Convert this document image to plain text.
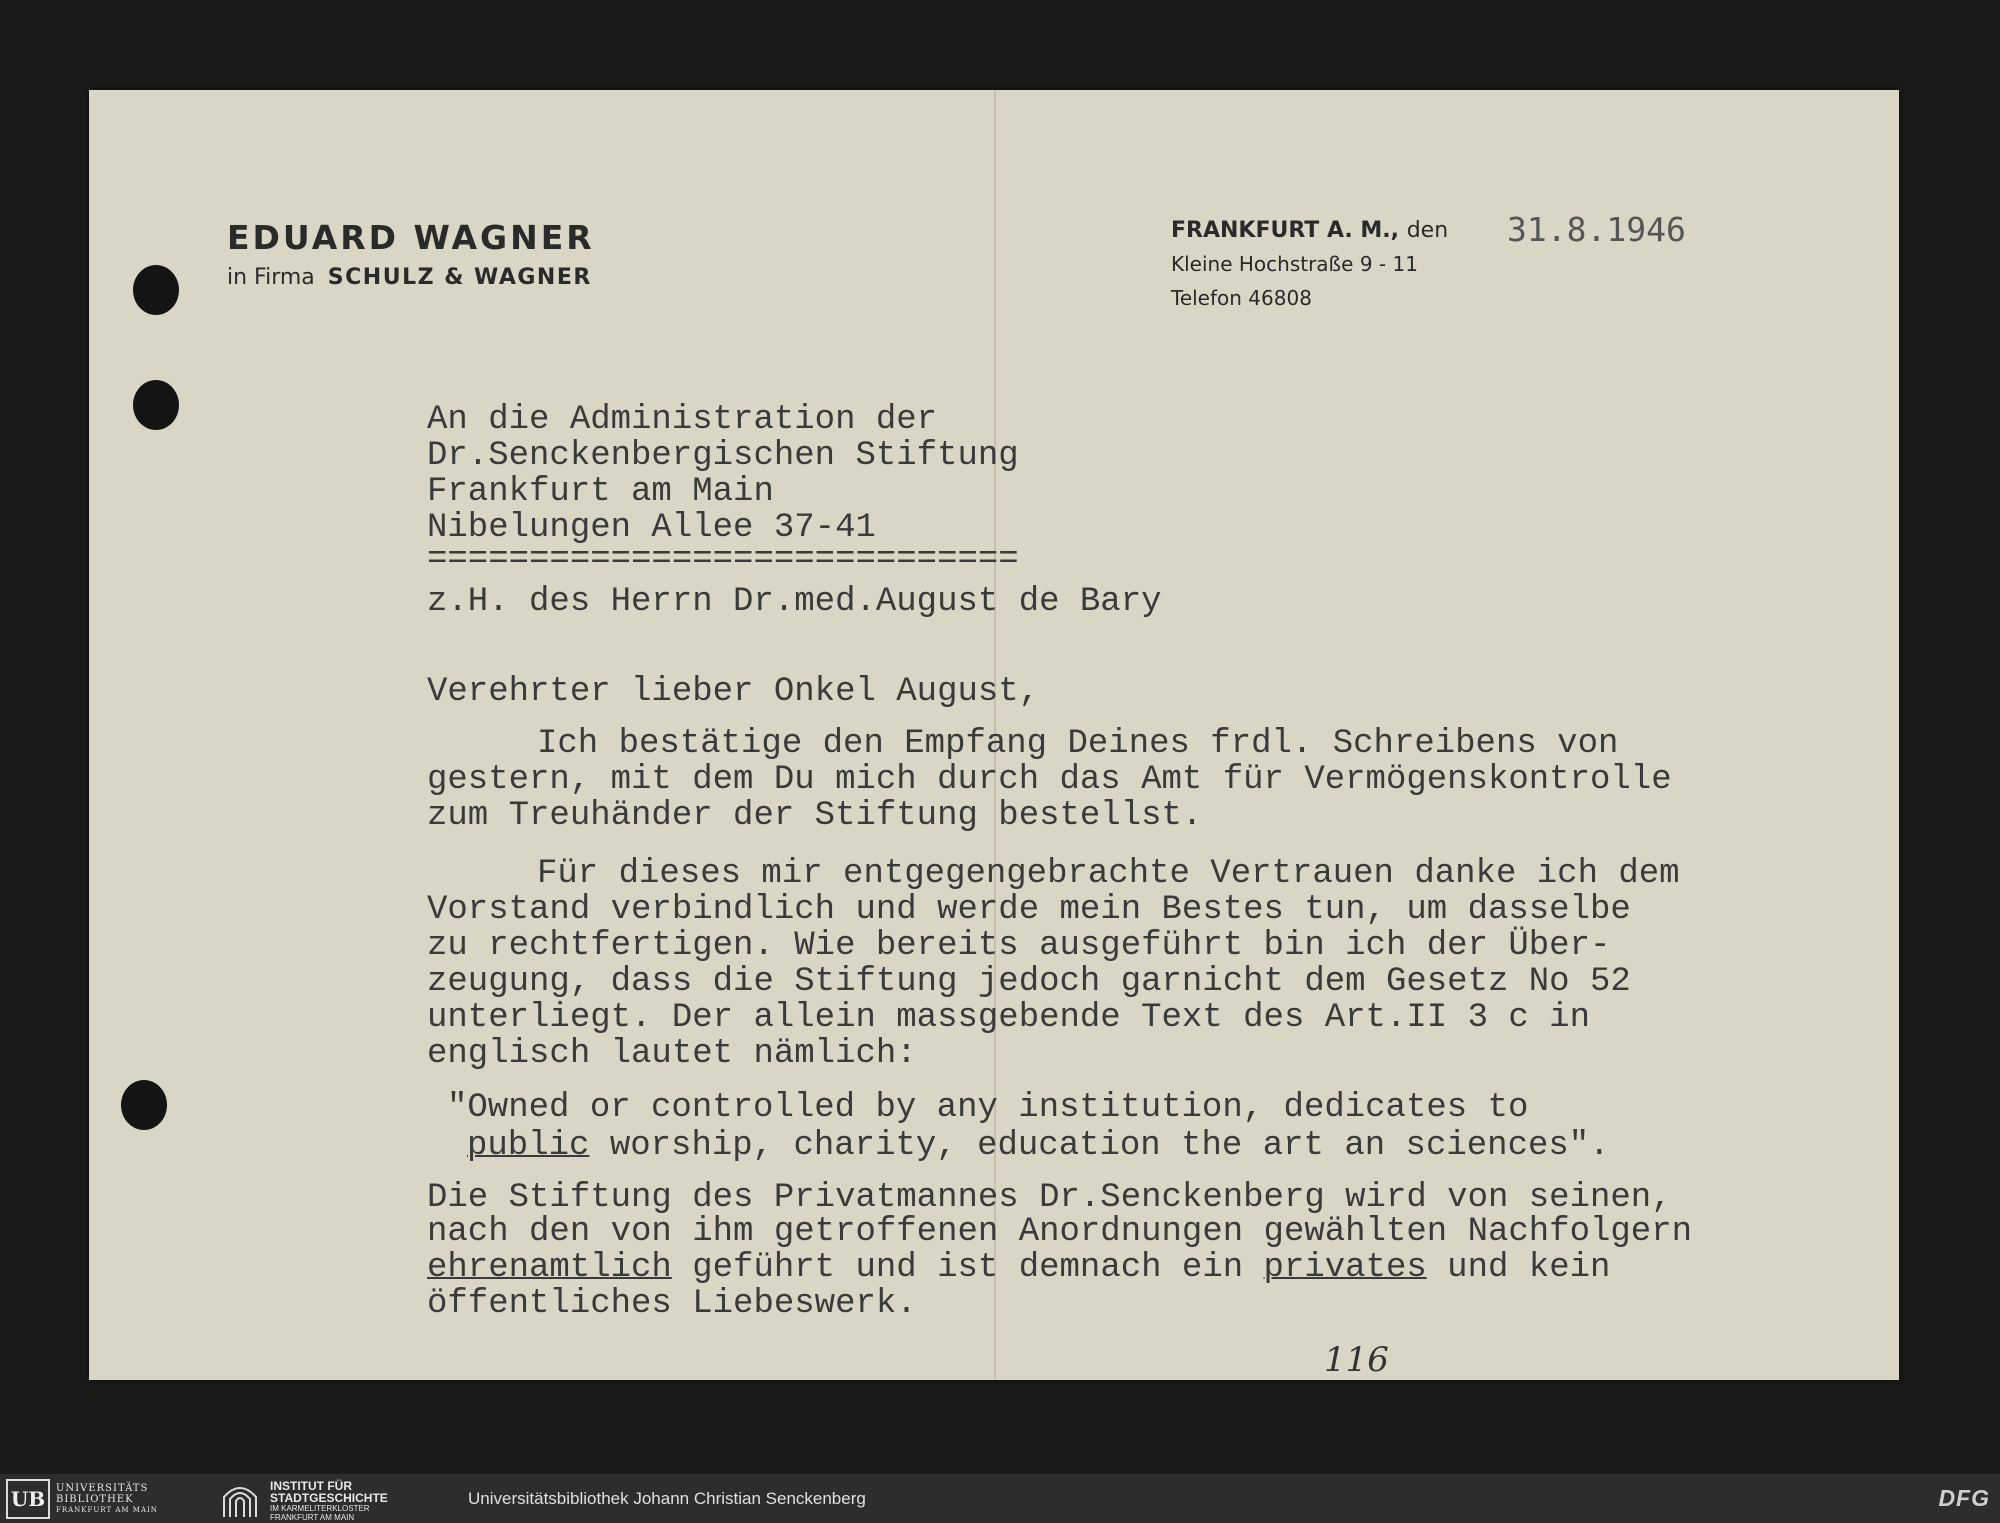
EDUARD WAGNER
in Firma SCHULZ & WAGNER
FRANKFURT A. M., den
Kleine Hochstraße 9 - 11
Telefon 46808
31.8.1946
An die Administration der
Dr.Senckenbergischen Stiftung
Frankfurt am Main
Nibelungen Allee 37-41
=============================
z.H. des Herrn Dr.med.August de Bary
Verehrter lieber Onkel August,
Ich bestätige den Empfang Deines frdl. Schreibens von
gestern, mit dem Du mich durch das Amt für Vermögenskontrolle
zum Treuhänder der Stiftung bestellst.
Für dieses mir entgegengebrachte Vertrauen danke ich dem
Vorstand verbindlich und werde mein Bestes tun, um dasselbe
zu rechtfertigen. Wie bereits ausgeführt bin ich der Über-
zeugung, dass die Stiftung jedoch garnicht dem Gesetz No 52
unterliegt. Der allein massgebende Text des Art.II 3 c in
englisch lautet nämlich:
"Owned or controlled by any institution, dedicates to
public worship, charity, education the art an sciences".
Die Stiftung des Privatmannes Dr.Senckenberg wird von seinen,
nach den von ihm getroffenen Anordnungen gewählten Nachfolgern
ehrenamtlich geführt und ist demnach ein privates und kein
öffentliches Liebeswerk.
116
UB	UNIVERSITÄTS
BIBLIOTHEK
FRANKFURT AM MAIN
INSTITUT FÜR
STADTGESCHICHTE
IM KARMELITERKLOSTER
FRANKFURT AM MAIN
Universitätsbibliothek Johann Christian Senckenberg	DFG
